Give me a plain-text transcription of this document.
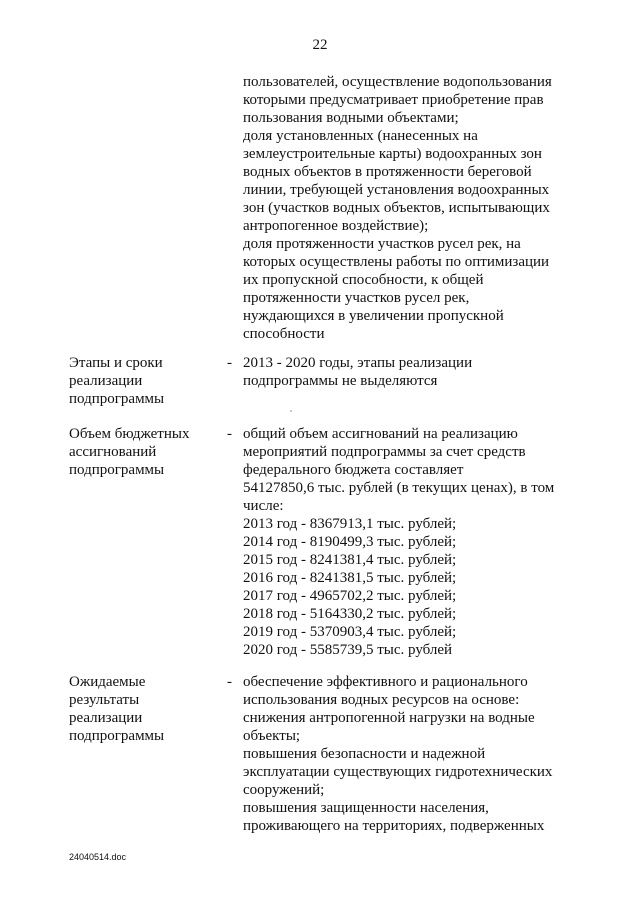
22
пользователей, осуществление водопользования
которыми предусматривает приобретение прав
пользования водными объектами;
доля установленных (нанесенных на
землеустроительные карты) водоохранных зон
водных объектов в протяженности береговой
линии, требующей установления водоохранных
зон (участков водных объектов, испытывающих
антропогенное воздействие);
доля протяженности участков русел рек, на
которых осуществлены работы по оптимизации
их пропускной способности, к общей
протяженности участков русел рек,
нуждающихся в увеличении пропускной
способности
Этапы и сроки
реализации
подпрограммы
- 2013 - 2020 годы, этапы реализации
подпрограммы не выделяются
Объем бюджетных
ассигнований
подпрограммы
- общий объем ассигнований на реализацию
мероприятий подпрограммы за счет средств
федерального бюджета составляет
54127850,6 тыс. рублей (в текущих ценах), в том
числе:
2013 год - 8367913,1 тыс. рублей;
2014 год - 8190499,3 тыс. рублей;
2015 год - 8241381,4 тыс. рублей;
2016 год - 8241381,5 тыс. рублей;
2017 год - 4965702,2 тыс. рублей;
2018 год - 5164330,2 тыс. рублей;
2019 год - 5370903,4 тыс. рублей;
2020 год - 5585739,5 тыс. рублей
Ожидаемые
результаты
реализации
подпрограммы
- обеспечение эффективного и рационального
использования водных ресурсов на основе:
снижения антропогенной нагрузки на водные
объекты;
повышения безопасности и надежной
эксплуатации существующих гидротехнических
сооружений;
повышения защищенности населения,
проживающего на территориях, подверженных
24040514.doc
